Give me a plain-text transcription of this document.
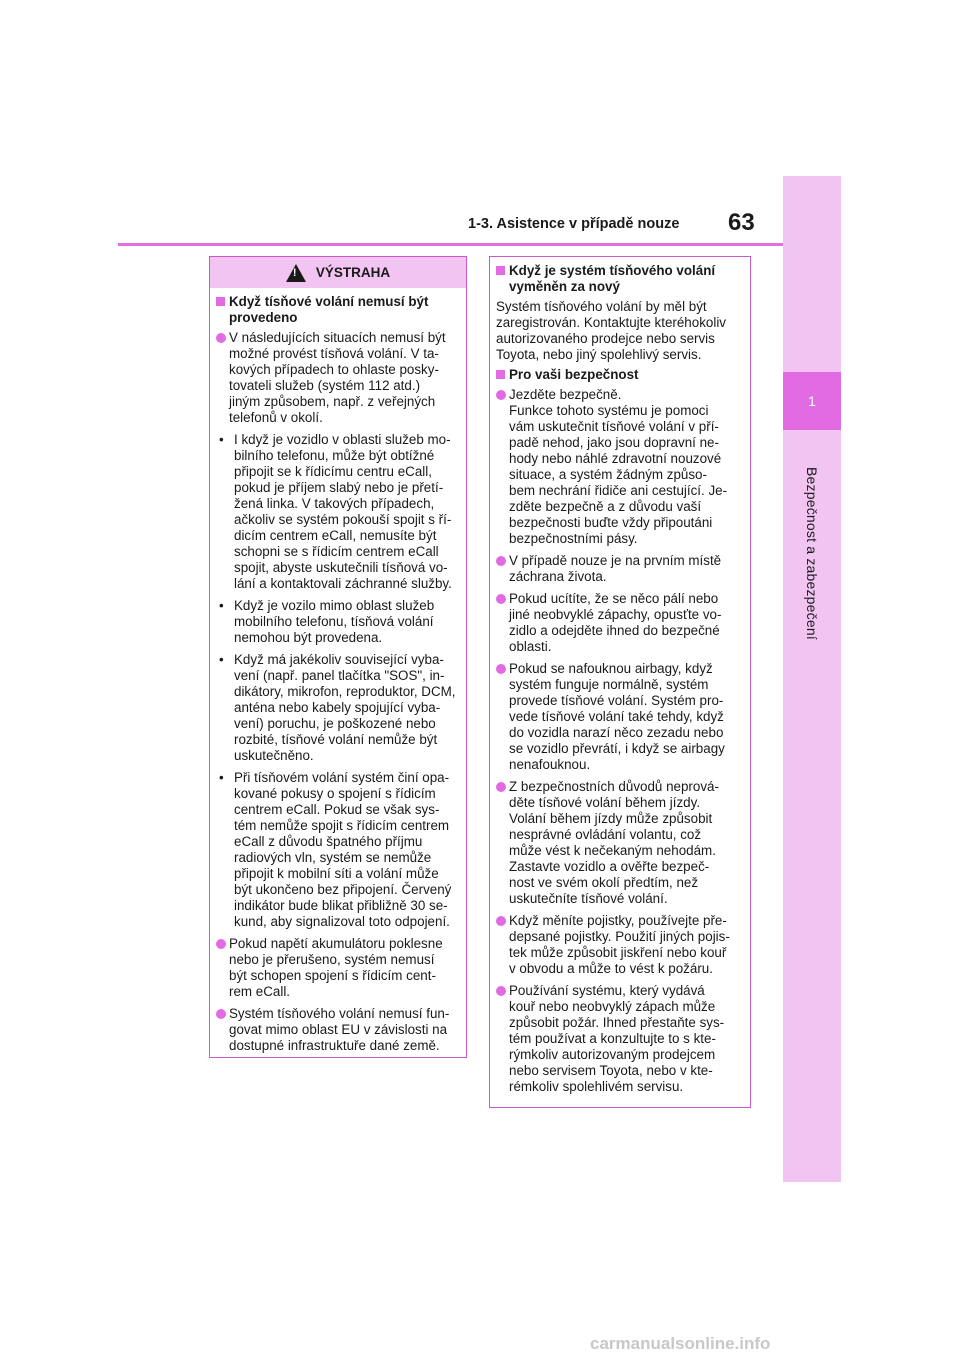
1
Bezpečnost a zabezpečení
1-3. Asistence v případě nouze 63
!
VÝSTRAHA
Když tísňové volání nemusí být
provedeno
V následujících situacích nemusí být
možné provést tísňová volání. V ta-
kových případech to ohlaste posky-
tovateli služeb (systém 112 atd.)
jiným způsobem, např. z veřejných
telefonů v okolí.
• I když je vozidlo v oblasti služeb mo-
bilního telefonu, může být obtížné
připojit se k řídicímu centru eCall,
pokud je příjem slabý nebo je přetí-
žená linka. V takových případech,
ačkoliv se systém pokouší spojit s ří-
dicím centrem eCall, nemusíte být
schopni se s řídicím centrem eCall
spojit, abyste uskutečnili tísňová vo-
lání a kontaktovali záchranné služby.
• Když je vozilo mimo oblast služeb
mobilního telefonu, tísňová volání
nemohou být provedena.
• Když má jakékoliv související vyba-
vení (např. panel tlačítka "SOS", in-
dikátory, mikrofon, reproduktor, DCM,
anténa nebo kabely spojující vyba-
vení) poruchu, je poškozené nebo
rozbité, tísňové volání nemůže být
uskutečněno.
• Při tísňovém volání systém činí opa-
kované pokusy o spojení s řídicím
centrem eCall. Pokud se však sys-
tém nemůže spojit s řídicím centrem
eCall z důvodu špatného příjmu
radiových vln, systém se nemůže
připojit k mobilní síti a volání může
být ukončeno bez připojení. Červený
indikátor bude blikat přibližně 30 se-
kund, aby signalizoval toto odpojení.
Pokud napětí akumulátoru poklesne
nebo je přerušeno, systém nemusí
být schopen spojení s řídicím cent-
rem eCall.
Systém tísňového volání nemusí fun-
govat mimo oblast EU v závislosti na
dostupné infrastruktuře dané země.
Když je systém tísňového volání
vyměněn za nový
Systém tísňového volání by měl být
zaregistrován. Kontaktujte kteréhokoliv
autorizovaného prodejce nebo servis
Toyota, nebo jiný spolehlivý servis.
Pro vaši bezpečnost
Jezděte bezpečně.
Funkce tohoto systému je pomoci
vám uskutečnit tísňové volání v pří-
padě nehod, jako jsou dopravní ne-
hody nebo náhlé zdravotní nouzové
situace, a systém žádným způso-
bem nechrání řidiče ani cestující. Je-
zděte bezpečně a z důvodu vaší
bezpečnosti buďte vždy připoutáni
bezpečnostními pásy.
V případě nouze je na prvním místě
záchrana života.
Pokud ucítíte, že se něco pálí nebo
jiné neobvyklé zápachy, opusťte vo-
zidlo a odejděte ihned do bezpečné
oblasti.
Pokud se nafouknou airbagy, když
systém funguje normálně, systém
provede tísňové volání. Systém pro-
vede tísňové volání také tehdy, když
do vozidla narazí něco zezadu nebo
se vozidlo převrátí, i když se airbagy
nenafouknou.
Z bezpečnostních důvodů neprová-
děte tísňové volání během jízdy.
Volání během jízdy může způsobit
nesprávné ovládání volantu, což
může vést k nečekaným nehodám.
Zastavte vozidlo a ověřte bezpeč-
nost ve svém okolí předtím, než
uskutečníte tísňové volání.
Když měníte pojistky, používejte pře-
depsané pojistky. Použití jiných pojis-
tek může způsobit jiskření nebo kouř
v obvodu a může to vést k požáru.
Používání systému, který vydává
kouř nebo neobvyklý zápach může
způsobit požár. Ihned přestaňte sys-
tém používat a konzultujte to s kte-
rýmkoliv autorizovaným prodejcem
nebo servisem Toyota, nebo v kte-
rémkoliv spolehlivém servisu.
carmanualsonline.info
